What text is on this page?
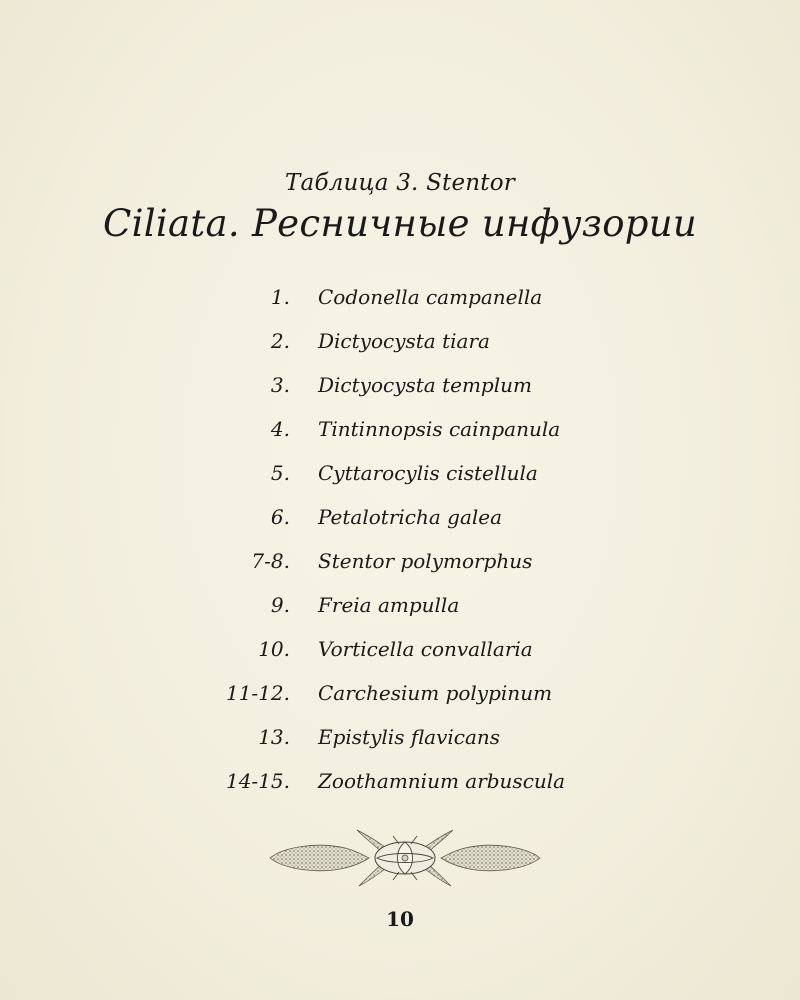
Таблица 3. Stentor
Ciliata. Ресничные инфузории
1. Codonella campanella
2. Dictyocysta tiara
3. Dictyocysta templum
4. Tintinnopsis cainpanula
5. Cyttarocylis cistellula
6. Petalotricha galea
7-8. Stentor polymorphus
9. Freia ampulla
10. Vorticella convallaria
11-12. Carchesium polypinum
13. Epistylis flavicans
14-15. Zoothamnium arbuscula
10
